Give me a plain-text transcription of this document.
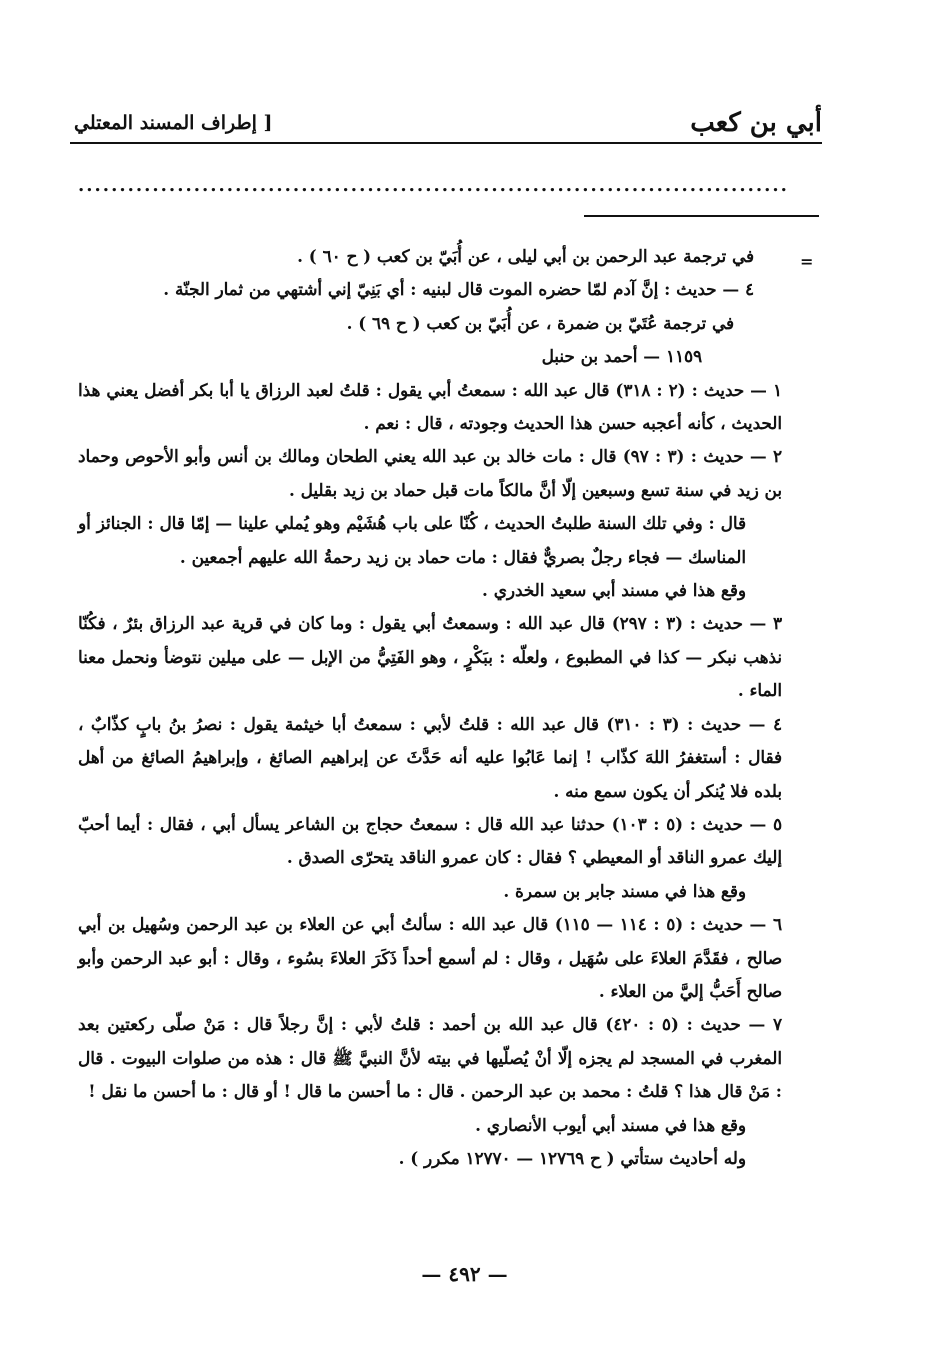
أبي بن كعب
[ إطراف المسند المعتلي
......................................................................................
=

في ترجمة عبد الرحمن بن أبي ليلى ، عن أُبَيّ بن كعب ( ح ٦٠ ) .

٤ — حديث : إنَّ آدم لمّا حضره الموت قال لبنيه : أي بَنِيّ إني أشتهي من ثمار الجنّة .

في ترجمة عُتَيّ بن ضمرة ، عن أُبَيّ بن كعب ( ح ٦٩ ) .

١١٥٩ — أحمد بن حنبل

١ — حديث : (٢ : ٣١٨) قال عبد الله : سمعتُ أبي يقول : قلتُ لعبد الرزاق يا أبا بكر أفضل يعني هذا الحديث ، كأنه أعجبه حسن هذا الحديث وجودته ، قال : نعم .

٢ — حديث : (٣ : ٩٧) قال : مات خالد بن عبد الله يعني الطحان ومالك بن أنس وأبو الأحوص وحماد بن زيد في سنة تسع وسبعين إلّا أنَّ مالكاً مات قبل حماد بن زيد بقليل .

قال : وفي تلك السنة طلبتُ الحديث ، كُنّا على باب هُشَيْم وهو يُملي علينا — إمّا قال : الجنائز أو المناسك — فجاء رجلٌ بصريٌّ فقال : مات حماد بن زيد رحمةُ الله عليهم أجمعين .

وقع هذا في مسند أبي سعيد الخدري .

٣ — حديث : (٣ : ٢٩٧) قال عبد الله : وسمعتُ أبي يقول : وما كان في قرية عبد الرزاق بئرٌ ، فكُنّا نذهب نبكر — كذا في المطبوع ، ولعلّه : ببَكْرٍ ، وهو الفَتِيُّ من الإبل — على ميلين نتوضأ ونحمل معنا الماء .

٤ — حديث : (٣ : ٣١٠) قال عبد الله : قلتُ لأبي : سمعتُ أبا خيثمة يقول : نصرُ بنُ بابٍ كذّابٌ ، فقال : أستغفرُ اللهَ كذّاب ! إنما عَابُوا عليه أنه حَدَّثَ عن إبراهيم الصائغ ، وإبراهيمُ الصائغ من أهل بلده فلا يُنكر أن يكون سمع منه .

٥ — حديث : (٥ : ١٠٣) حدثنا عبد الله قال : سمعتُ حجاج بن الشاعر يسأل أبي ، فقال : أيما أحبّ إليك عمرو الناقد أو المعيطي ؟ فقال : كان عمرو الناقد يتحرّى الصدق .

وقع هذا في مسند جابر بن سمرة .

٦ — حديث : (٥ : ١١٤ — ١١٥) قال عبد الله : سألتُ أبي عن العلاء بن عبد الرحمن وسُهيل بن أبي صالح ، فقَدَّمَ العلاءَ على سُهَيل ، وقال : لم أسمع أحداً ذَكَرَ العلاءَ بسُوء ، وقال : أبو عبد الرحمن وأبو صالح أَحَبُّ إليَّ من العلاء .

٧ — حديث : (٥ : ٤٢٠) قال عبد الله بن أحمد : قلتُ لأبي : إنَّ رجلاً قال : مَنْ صلّى ركعتين بعد المغرب في المسجد لم يجزه إلّا أنْ يُصلّيها في بيته لأنَّ النبيَّ ﷺ قال : هذه من صلوات البيوت . قال : مَنْ قال هذا ؟ قلتُ : محمد بن عبد الرحمن . قال : ما أحسن ما قال ! أو قال : ما أحسن ما نقل !

وقع هذا في مسند أبي أيوب الأنصاري .

وله أحاديث ستأتي ( ح ١٢٧٦٩ — ١٢٧٧٠ مكرر ) .

— ٤٩٢ —
